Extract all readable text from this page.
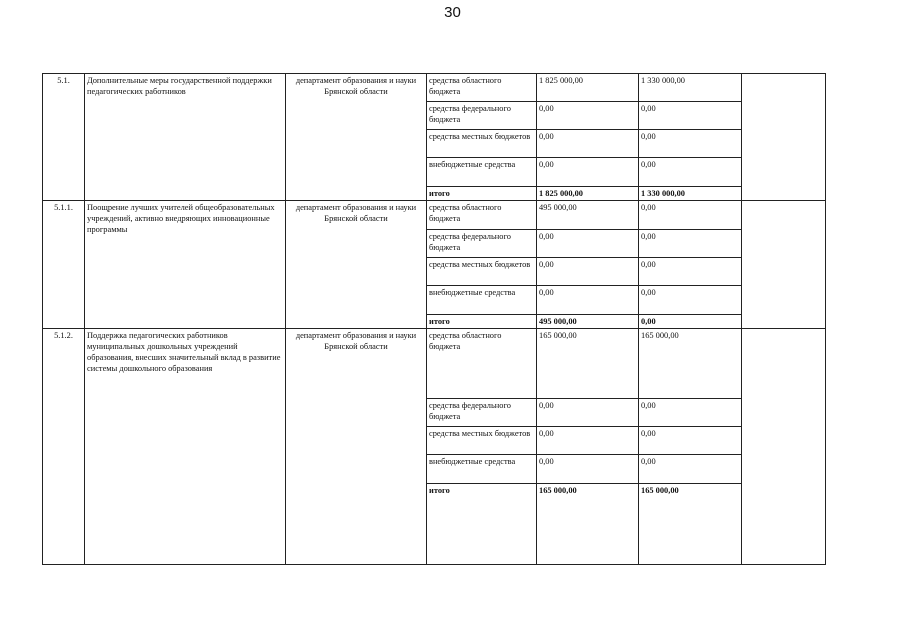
30
5.1.	Дополнительные меры государственной поддержки педагогических работников	департамент образования и науки Брянской области	средства областного бюджета	1 825 000,00	1 330 000,00	
			средства федерального бюджета	0,00	0,00	
			средства местных бюджетов	0,00	0,00	
			внебюджетные средства	0,00	0,00	
			итого	1 825 000,00	1 330 000,00	
5.1.1.	Поощрение лучших учителей общеобразовательных учреждений, активно внедряющих инновационные программы	департамент образования и науки Брянской области	средства областного бюджета	495 000,00	0,00	
			средства федерального бюджета	0,00	0,00	
			средства местных бюджетов	0,00	0,00	
			внебюджетные средства	0,00	0,00	
			итого	495 000,00	0,00	
5.1.2.	Поддержка педагогических работников муниципальных дошкольных учреждений образования, внесших значительный вклад в развитие системы дошкольного образования	департамент образования и науки Брянской области	средства областного бюджета	165 000,00	165 000,00	
			средства федерального бюджета	0,00	0,00	
			средства местных бюджетов	0,00	0,00	
			внебюджетные средства	0,00	0,00	
			итого	165 000,00	165 000,00	
